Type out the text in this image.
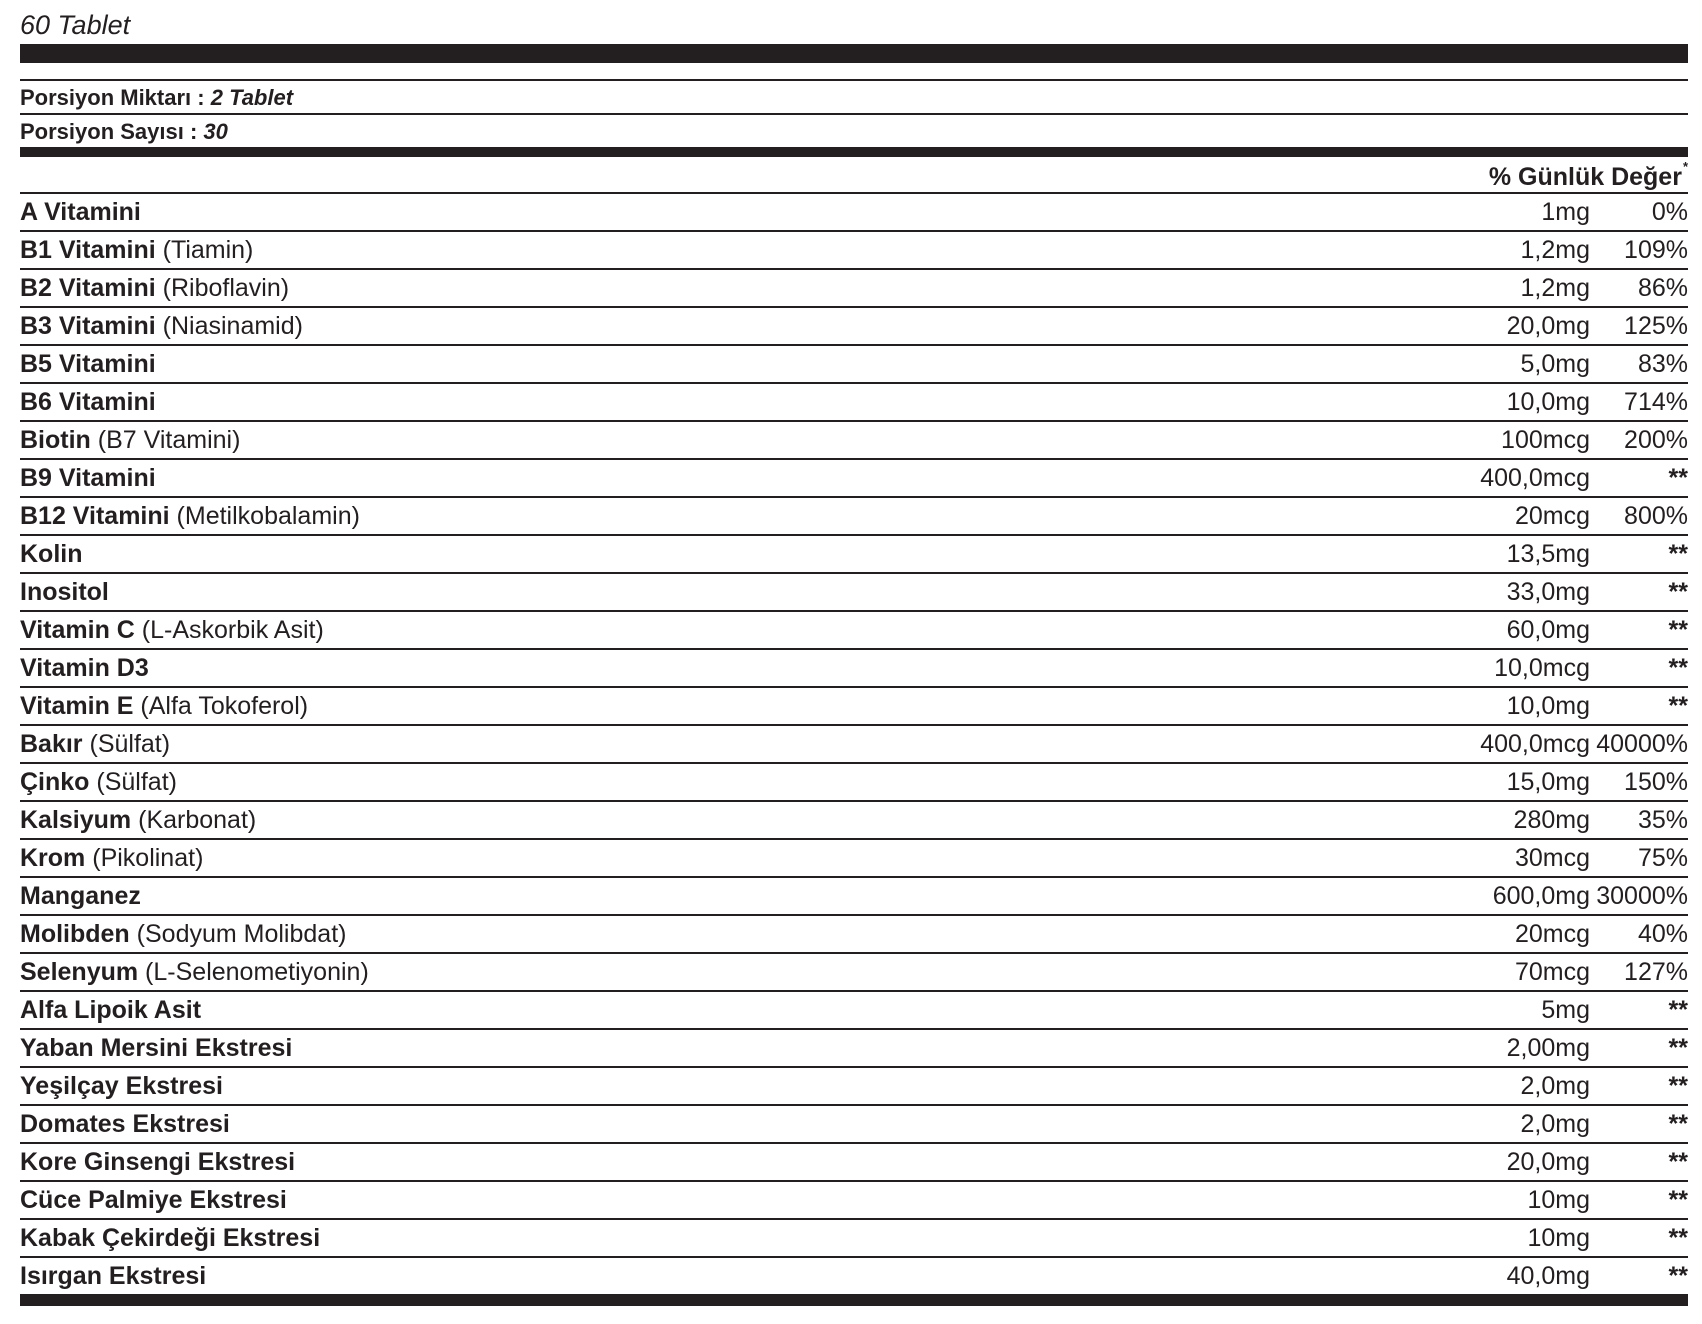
60 Tablet
Porsiyon Miktarı : 2 Tablet
Porsiyon Sayısı : 30
% Günlük Değer*
A Vitamini	1mg	0%
B1 Vitamini (Tiamin)	1,2mg	109%
B2 Vitamini (Riboflavin)	1,2mg	86%
B3 Vitamini (Niasinamid)	20,0mg	125%
B5 Vitamini	5,0mg	83%
B6 Vitamini	10,0mg	714%
Biotin (B7 Vitamini)	100mcg	200%
B9 Vitamini	400,0mcg	**
B12 Vitamini (Metilkobalamin)	20mcg	800%
Kolin	13,5mg	**
Inositol	33,0mg	**
Vitamin C (L-Askorbik Asit)	60,0mg	**
Vitamin D3	10,0mcg	**
Vitamin E (Alfa Tokoferol)	10,0mg	**
Bakır (Sülfat)	400,0mcg 40000%
Çinko (Sülfat)	15,0mg	150%
Kalsiyum (Karbonat)	280mg	35%
Krom (Pikolinat)	30mcg	75%
Manganez	600,0mg 30000%
Molibden (Sodyum Molibdat)	20mcg	40%
Selenyum (L-Selenometiyonin)	70mcg	127%
Alfa Lipoik Asit	5mg	**
Yaban Mersini Ekstresi	2,00mg	**
Yeşilçay Ekstresi	2,0mg	**
Domates Ekstresi	2,0mg	**
Kore Ginsengi Ekstresi	20,0mg	**
Cüce Palmiye Ekstresi	10mg	**
Kabak Çekirdeği Ekstresi	10mg	**
Isırgan Ekstresi	40,0mg	**
